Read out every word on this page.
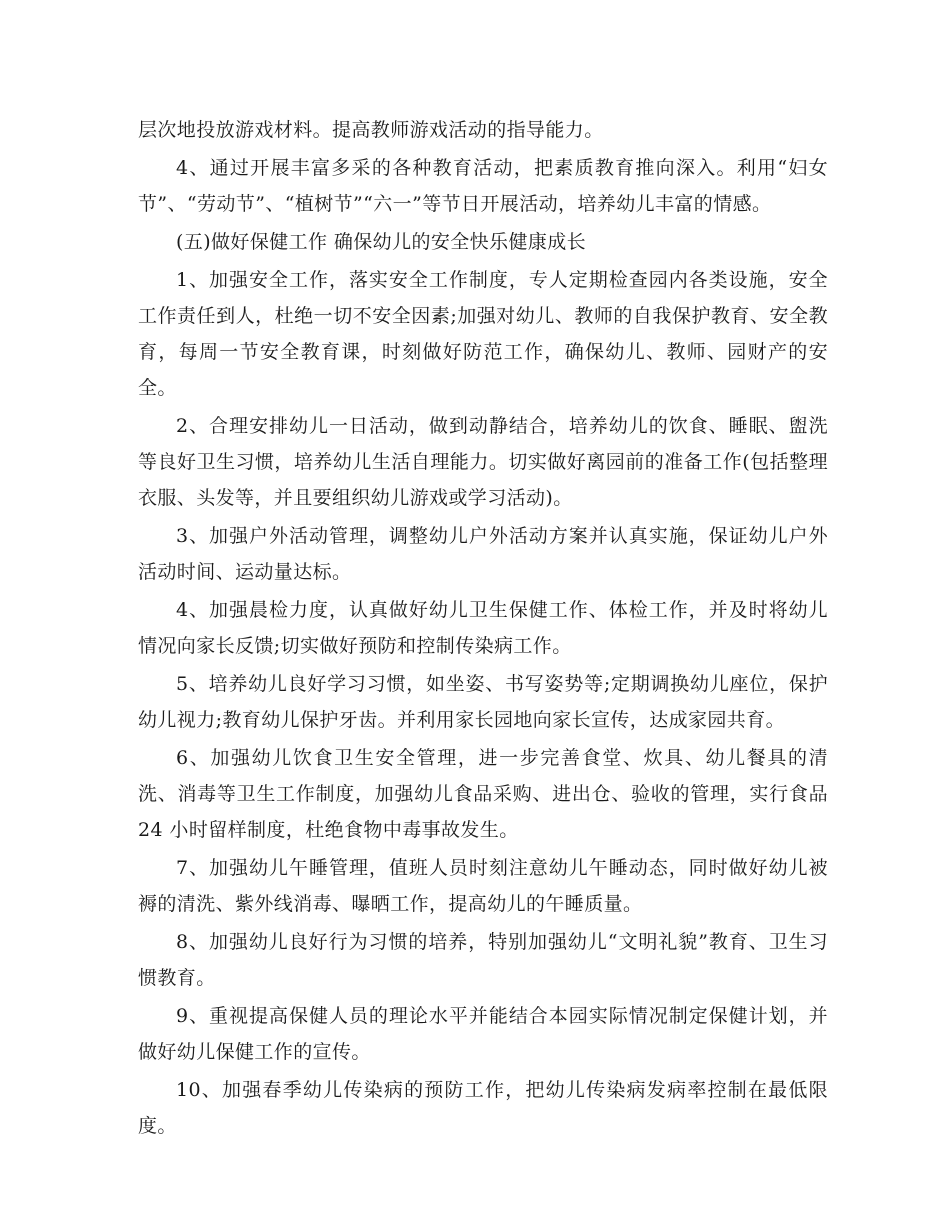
层次地投放游戏材料。提高教师游戏活动的指导能力。

4、通过开展丰富多采的各种教育活动，把素质教育推向深入。利用“妇女节”、“劳动节”、“植树节”“六一”等节日开展活动，培养幼儿丰富的情感。

(五)做好保健工作 确保幼儿的安全快乐健康成长

1、加强安全工作，落实安全工作制度，专人定期检查园内各类设施，安全工作责任到人，杜绝一切不安全因素;加强对幼儿、教师的自我保护教育、安全教育，每周一节安全教育课，时刻做好防范工作，确保幼儿、教师、园财产的安全。

2、合理安排幼儿一日活动，做到动静结合，培养幼儿的饮食、睡眠、盥洗等良好卫生习惯，培养幼儿生活自理能力。切实做好离园前的准备工作(包括整理衣服、头发等，并且要组织幼儿游戏或学习活动)。

3、加强户外活动管理，调整幼儿户外活动方案并认真实施，保证幼儿户外活动时间、运动量达标。

4、加强晨检力度，认真做好幼儿卫生保健工作、体检工作，并及时将幼儿情况向家长反馈;切实做好预防和控制传染病工作。

5、培养幼儿良好学习习惯，如坐姿、书写姿势等;定期调换幼儿座位，保护幼儿视力;教育幼儿保护牙齿。并利用家长园地向家长宣传，达成家园共育。

6、加强幼儿饮食卫生安全管理，进一步完善食堂、炊具、幼儿餐具的清洗、消毒等卫生工作制度，加强幼儿食品采购、进出仓、验收的管理，实行食品 24 小时留样制度，杜绝食物中毒事故发生。

7、加强幼儿午睡管理，值班人员时刻注意幼儿午睡动态，同时做好幼儿被褥的清洗、紫外线消毒、曝晒工作，提高幼儿的午睡质量。

8、加强幼儿良好行为习惯的培养，特别加强幼儿“文明礼貌”教育、卫生习惯教育。

9、重视提高保健人员的理论水平并能结合本园实际情况制定保健计划，并做好幼儿保健工作的宣传。

10、加强春季幼儿传染病的预防工作，把幼儿传染病发病率控制在最低限度。
